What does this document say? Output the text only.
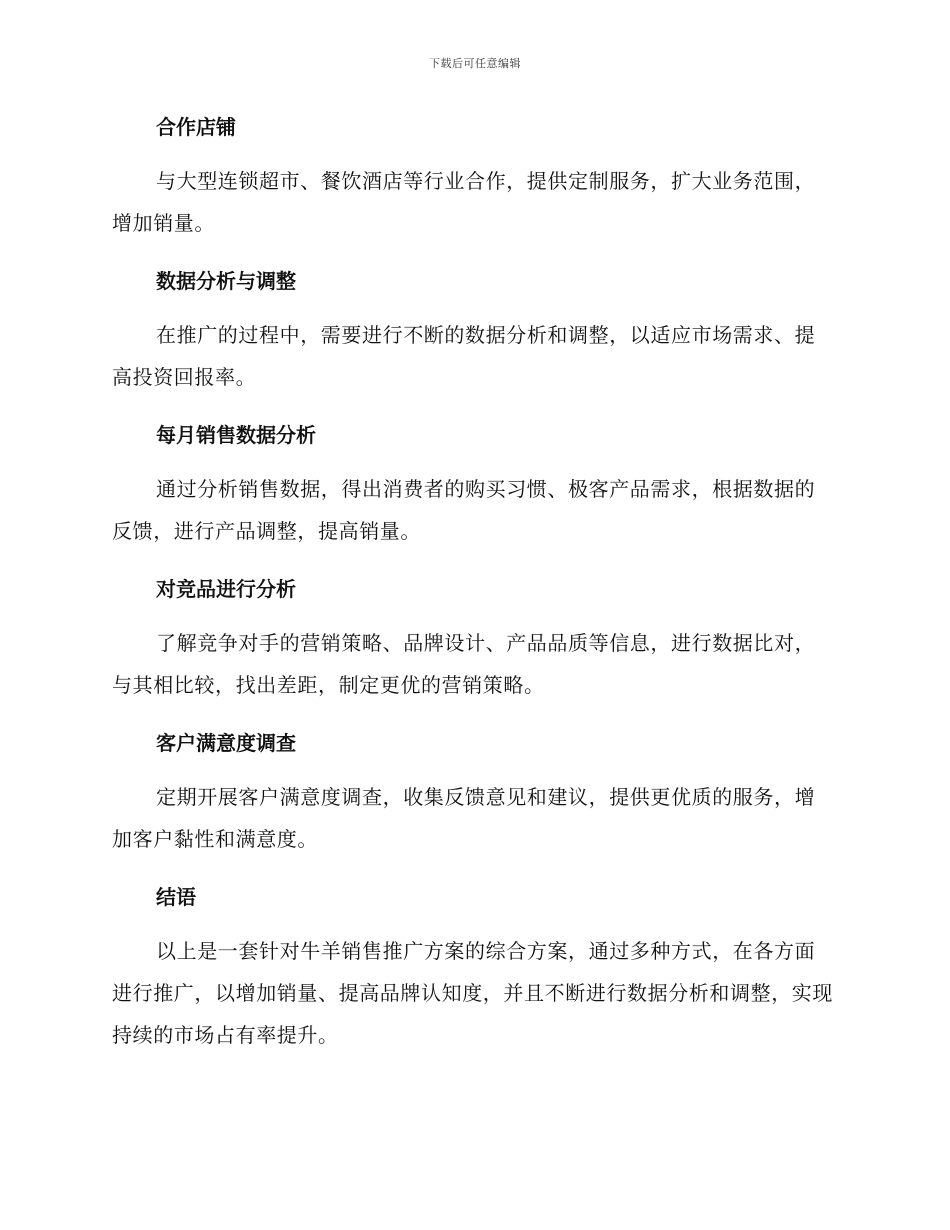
下载后可任意编辑
合作店铺

与大型连锁超市、餐饮酒店等行业合作，提供定制服务，扩大业务范围，增加销量。

数据分析与调整

在推广的过程中，需要进行不断的数据分析和调整，以适应市场需求、提高投资回报率。

每月销售数据分析

通过分析销售数据，得出消费者的购买习惯、极客产品需求，根据数据的反馈，进行产品调整，提高销量。

对竞品进行分析

了解竞争对手的营销策略、品牌设计、产品品质等信息，进行数据比对，与其相比较，找出差距，制定更优的营销策略。

客户满意度调查

定期开展客户满意度调查，收集反馈意见和建议，提供更优质的服务，增加客户黏性和满意度。

结语

以上是一套针对牛羊销售推广方案的综合方案，通过多种方式，在各方面进行推广，以增加销量、提高品牌认知度，并且不断进行数据分析和调整，实现持续的市场占有率提升。
